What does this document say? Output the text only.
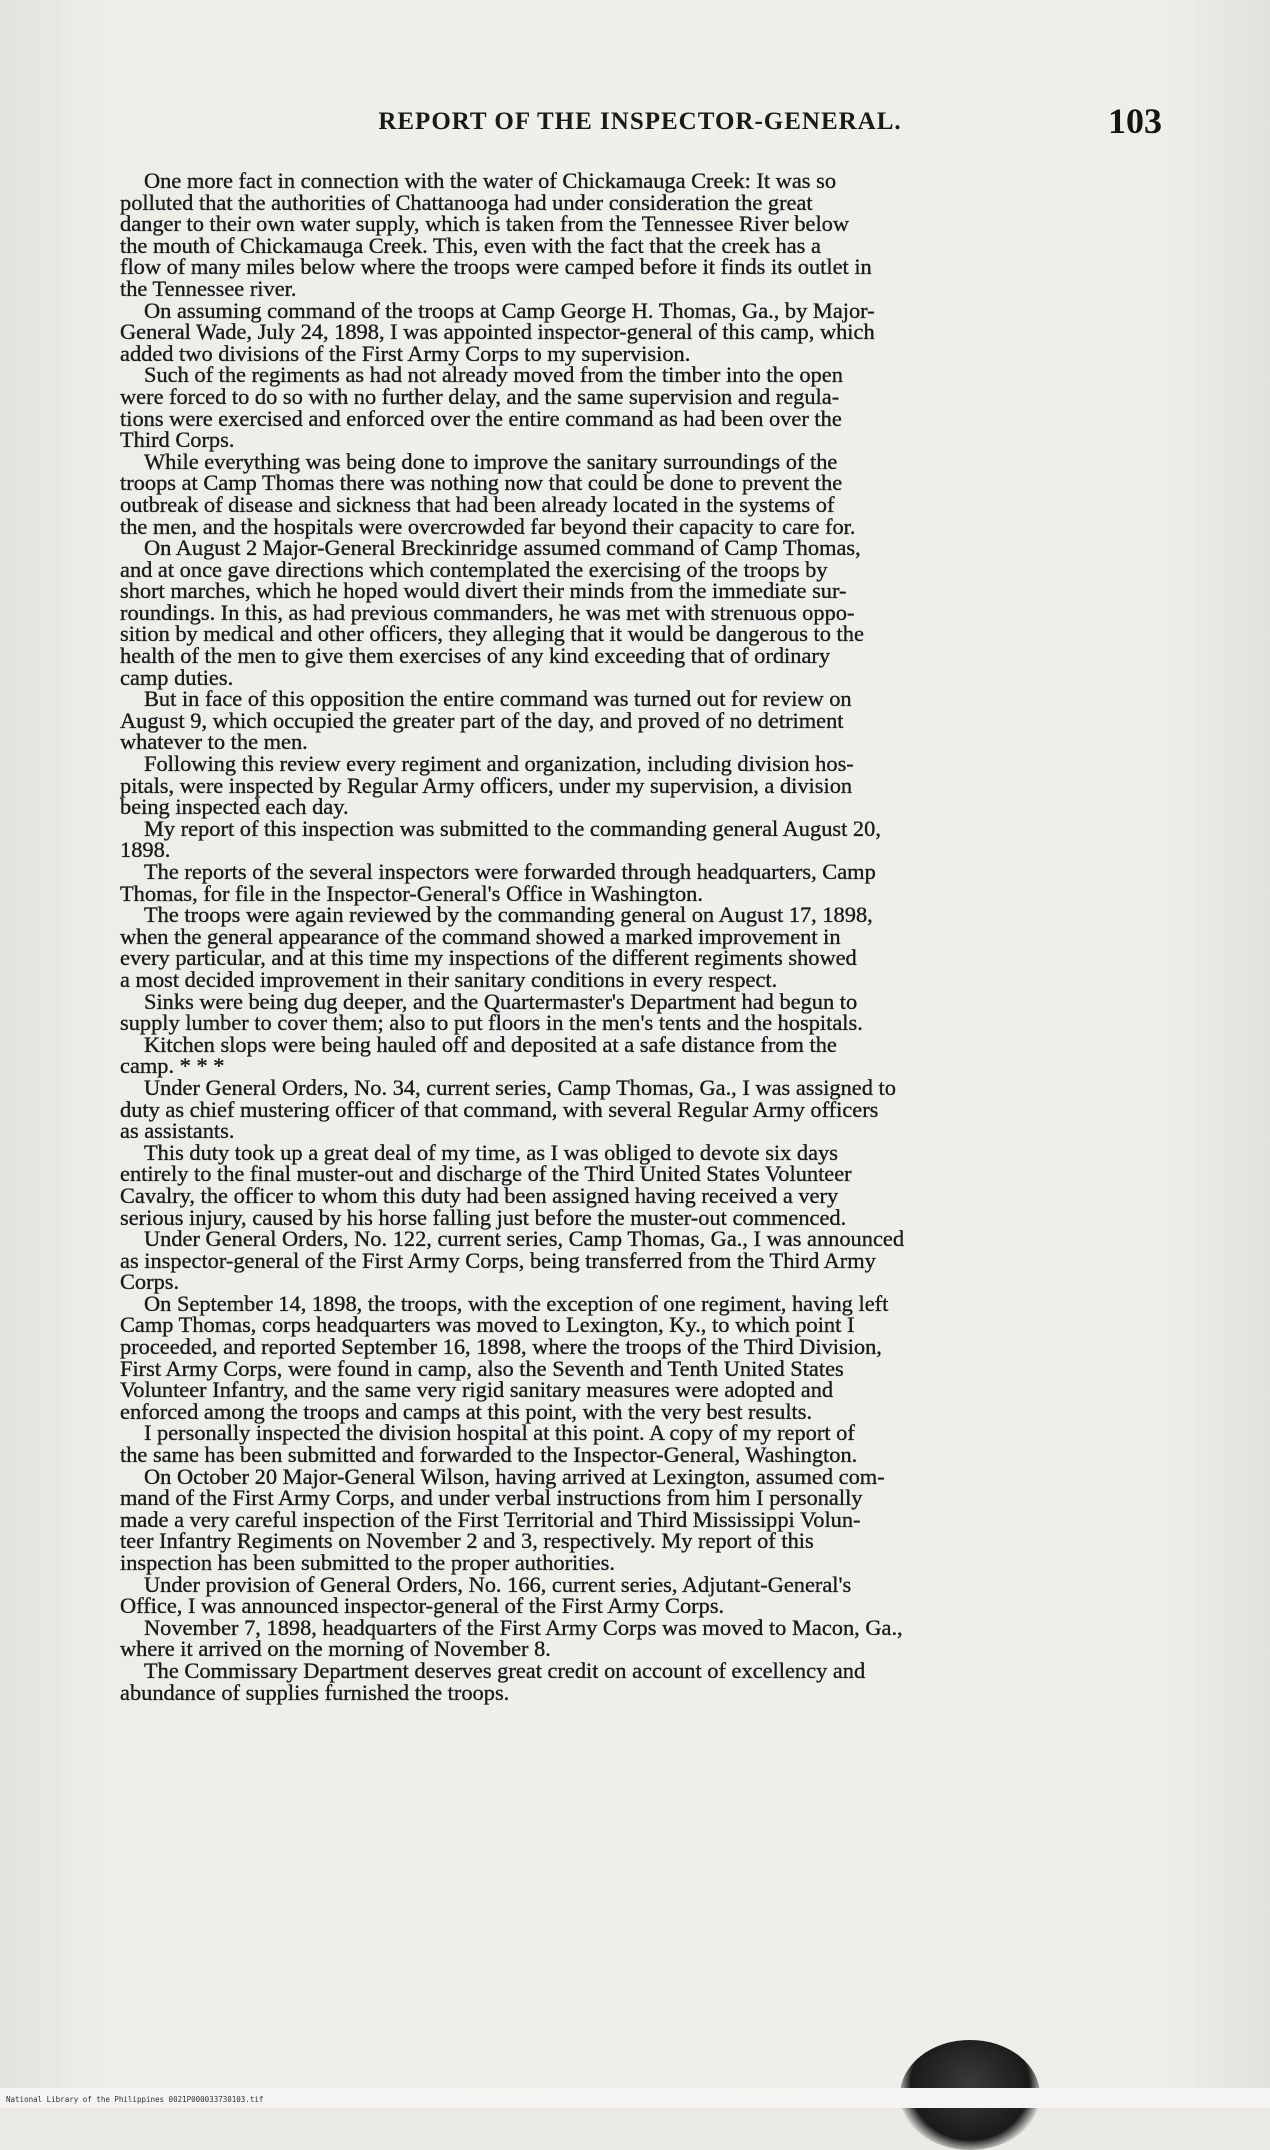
REPORT OF THE INSPECTOR-GENERAL.	103

One more fact in connection with the water of Chickamauga Creek: It was so
polluted that the authorities of Chattanooga had under consideration the great
danger to their own water supply, which is taken from the Tennessee River below
the mouth of Chickamauga Creek. This, even with the fact that the creek has a
flow of many miles below where the troops were camped before it finds its outlet in
the Tennessee river.

On assuming command of the troops at Camp George H. Thomas, Ga., by Major-
General Wade, July 24, 1898, I was appointed inspector-general of this camp, which
added two divisions of the First Army Corps to my supervision.

Such of the regiments as had not already moved from the timber into the open
were forced to do so with no further delay, and the same supervision and regula-
tions were exercised and enforced over the entire command as had been over the
Third Corps.

While everything was being done to improve the sanitary surroundings of the
troops at Camp Thomas there was nothing now that could be done to prevent the
outbreak of disease and sickness that had been already located in the systems of
the men, and the hospitals were overcrowded far beyond their capacity to care for.

On August 2 Major-General Breckinridge assumed command of Camp Thomas,
and at once gave directions which contemplated the exercising of the troops by
short marches, which he hoped would divert their minds from the immediate sur-
roundings. In this, as had previous commanders, he was met with strenuous oppo-
sition by medical and other officers, they alleging that it would be dangerous to the
health of the men to give them exercises of any kind exceeding that of ordinary
camp duties.

But in face of this opposition the entire command was turned out for review on
August 9, which occupied the greater part of the day, and proved of no detriment
whatever to the men.

Following this review every regiment and organization, including division hos-
pitals, were inspected by Regular Army officers, under my supervision, a division
being inspected each day.

My report of this inspection was submitted to the commanding general August 20,
1898.

The reports of the several inspectors were forwarded through headquarters, Camp
Thomas, for file in the Inspector-General's Office in Washington.

The troops were again reviewed by the commanding general on August 17, 1898,
when the general appearance of the command showed a marked improvement in
every particular, and at this time my inspections of the different regiments showed
a most decided improvement in their sanitary conditions in every respect.

Sinks were being dug deeper, and the Quartermaster's Department had begun to
supply lumber to cover them; also to put floors in the men's tents and the hospitals.

Kitchen slops were being hauled off and deposited at a safe distance from the
camp. * * *

Under General Orders, No. 34, current series, Camp Thomas, Ga., I was assigned to
duty as chief mustering officer of that command, with several Regular Army officers
as assistants.

This duty took up a great deal of my time, as I was obliged to devote six days
entirely to the final muster-out and discharge of the Third United States Volunteer
Cavalry, the officer to whom this duty had been assigned having received a very
serious injury, caused by his horse falling just before the muster-out commenced.

Under General Orders, No. 122, current series, Camp Thomas, Ga., I was announced
as inspector-general of the First Army Corps, being transferred from the Third Army
Corps.

On September 14, 1898, the troops, with the exception of one regiment, having left
Camp Thomas, corps headquarters was moved to Lexington, Ky., to which point I
proceeded, and reported September 16, 1898, where the troops of the Third Division,
First Army Corps, were found in camp, also the Seventh and Tenth United States
Volunteer Infantry, and the same very rigid sanitary measures were adopted and
enforced among the troops and camps at this point, with the very best results.

I personally inspected the division hospital at this point. A copy of my report of
the same has been submitted and forwarded to the Inspector-General, Washington.

On October 20 Major-General Wilson, having arrived at Lexington, assumed com-
mand of the First Army Corps, and under verbal instructions from him I personally
made a very careful inspection of the First Territorial and Third Mississippi Volun-
teer Infantry Regiments on November 2 and 3, respectively. My report of this
inspection has been submitted to the proper authorities.

Under provision of General Orders, No. 166, current series, Adjutant-General's
Office, I was announced inspector-general of the First Army Corps.

November 7, 1898, headquarters of the First Army Corps was moved to Macon, Ga.,
where it arrived on the morning of November 8.

The Commissary Department deserves great credit on account of excellency and
abundance of supplies furnished the troops.

National Library of the Philippines 0021P000033730103.tif
